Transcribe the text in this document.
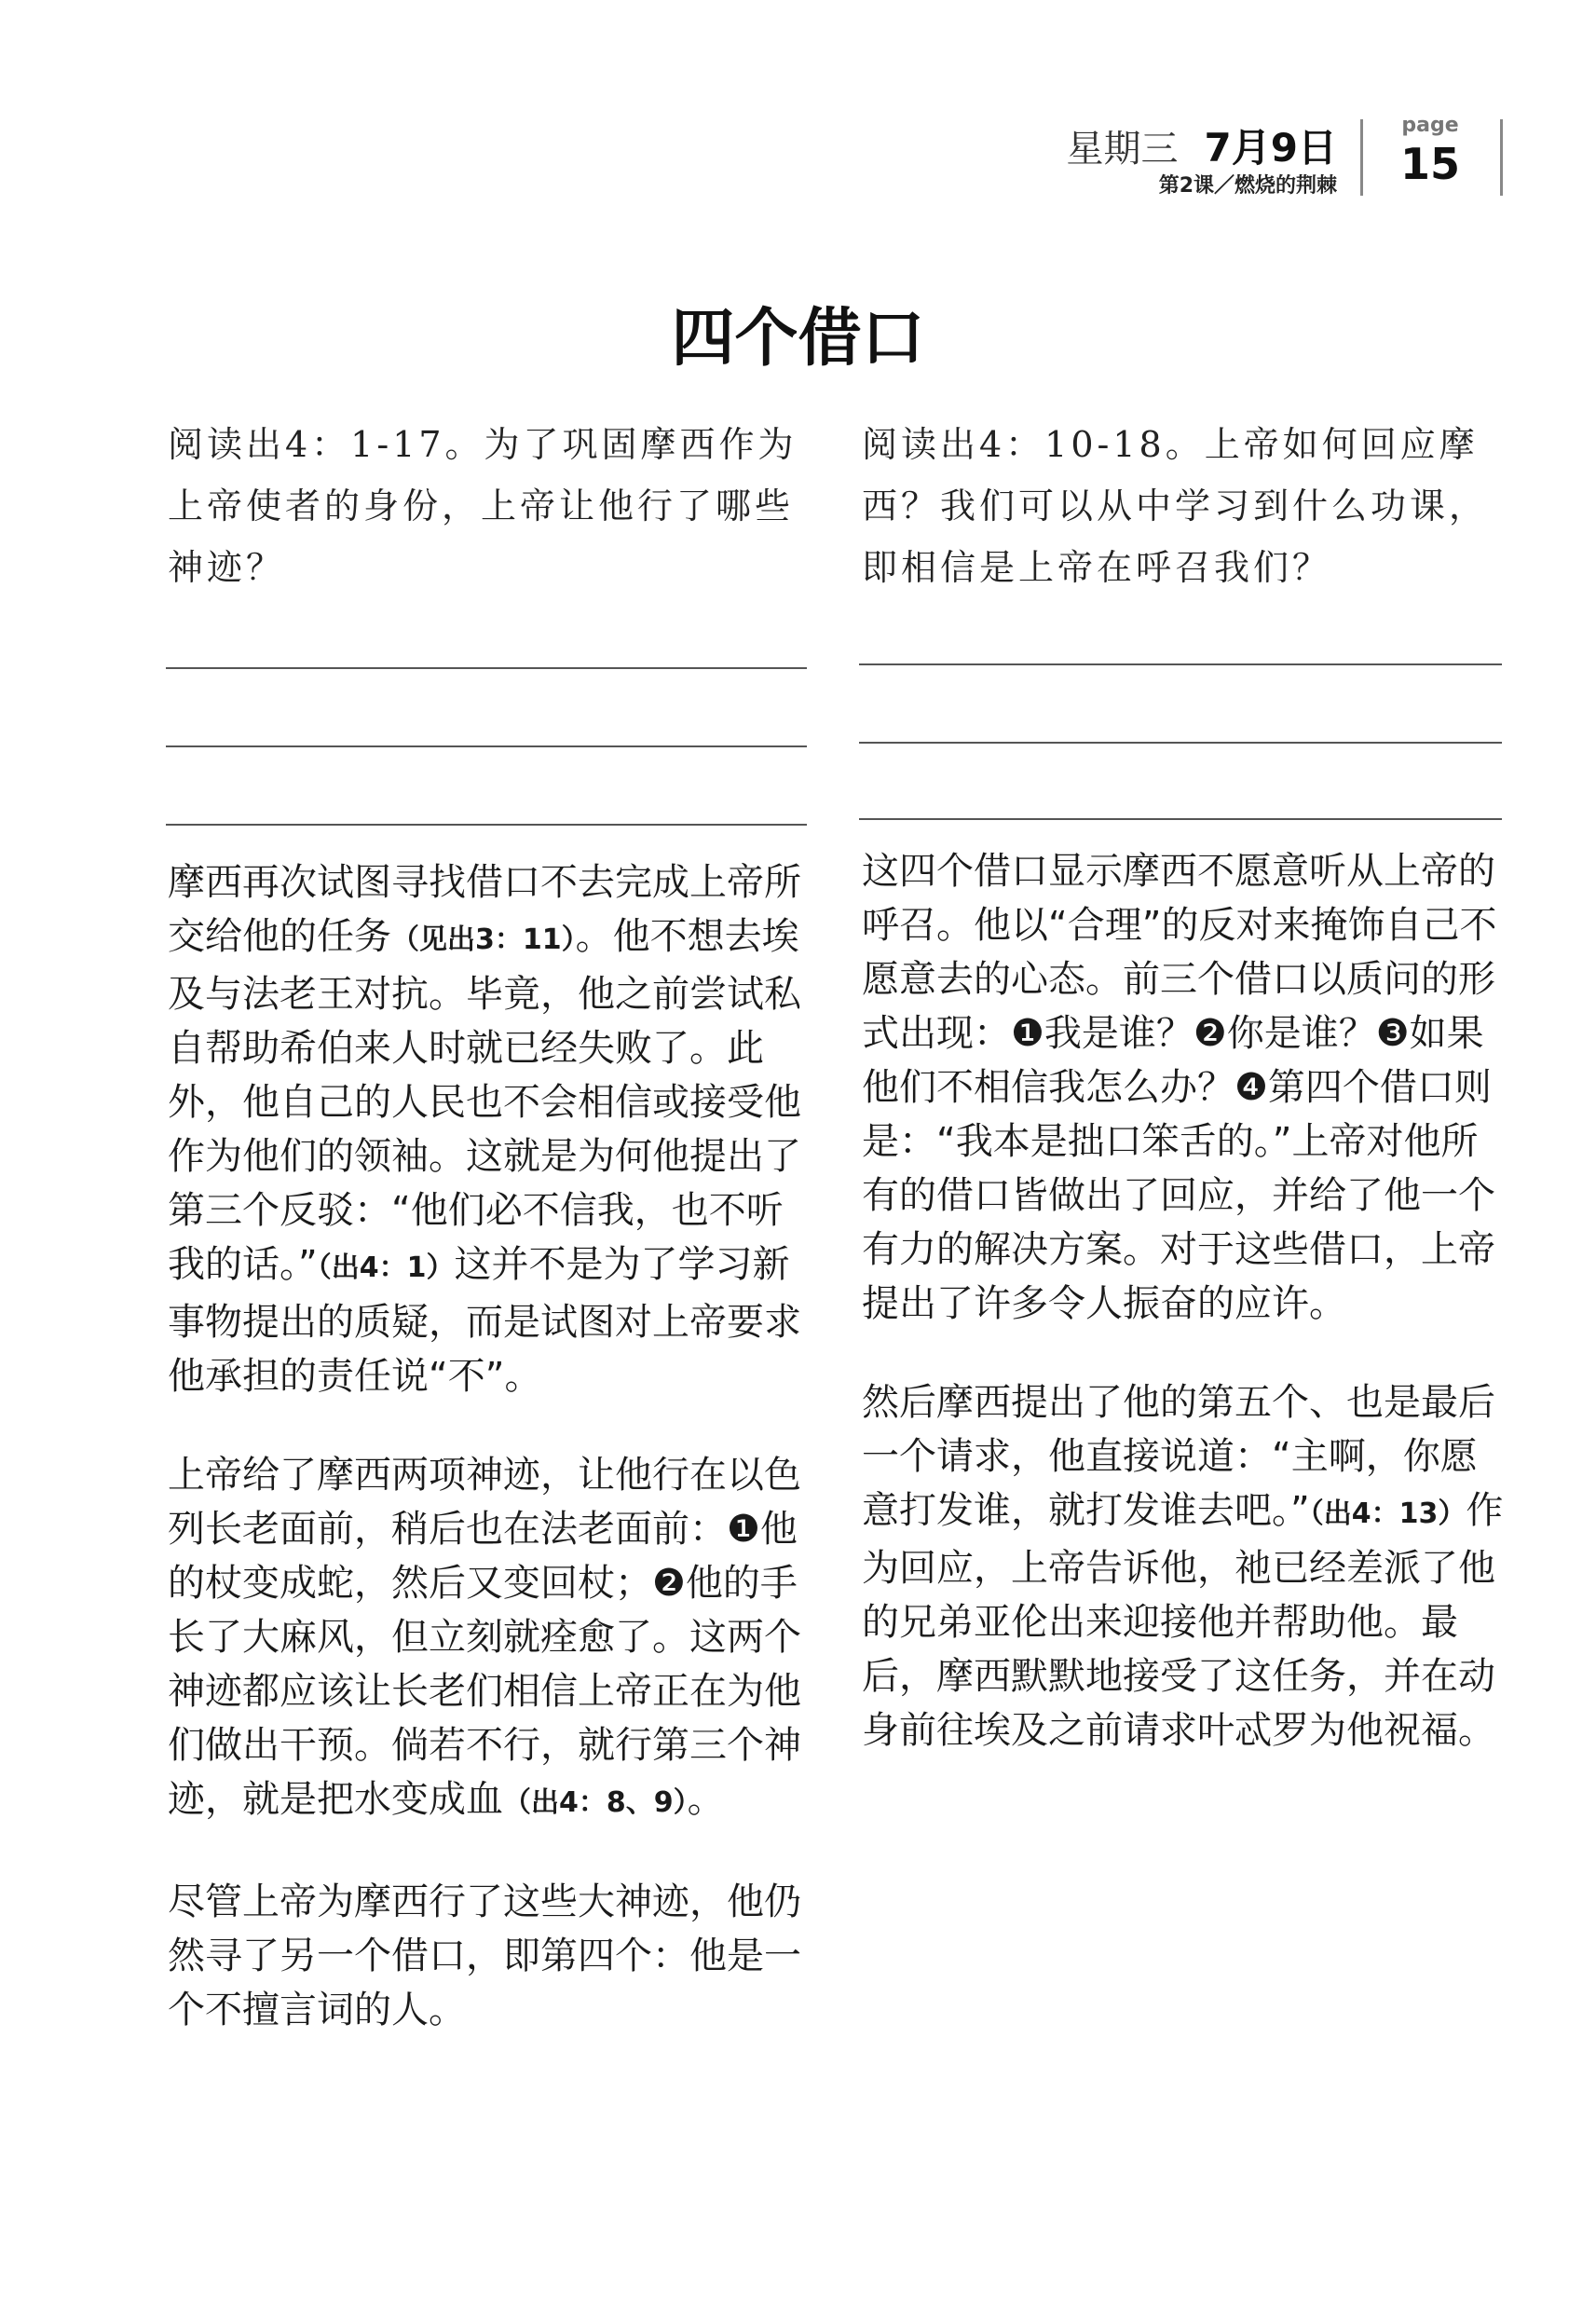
星期三 7月9日
第2课／燃烧的荆棘
page
15
四个借口
阅读出4：1-17。为了巩固摩西作为上帝使者的身份，上帝让他行了哪些神迹？
阅读出4：10-18。上帝如何回应摩西？我们可以从中学习到什么功课，即相信是上帝在呼召我们？

摩西再次试图寻找借口不去完成上帝所交给他的任务（见出3：11）。他不想去埃及与法老王对抗。毕竟，他之前尝试私自帮助希伯来人时就已经失败了。此外，他自己的人民也不会相信或接受他作为他们的领袖。这就是为何他提出了第三个反驳：“他们必不信我，也不听我的话。”（出4：1）这并不是为了学习新事物提出的质疑，而是试图对上帝要求他承担的责任说“不”。

上帝给了摩西两项神迹，让他行在以色列长老面前，稍后也在法老面前：❶他的杖变成蛇，然后又变回杖；❷他的手长了大麻风，但立刻就痊愈了。这两个神迹都应该让长老们相信上帝正在为他们做出干预。倘若不行，就行第三个神迹，就是把水变成血（出4：8、9）。

尽管上帝为摩西行了这些大神迹，他仍然寻了另一个借口，即第四个：他是一个不擅言词的人。

这四个借口显示摩西不愿意听从上帝的呼召。他以“合理”的反对来掩饰自己不愿意去的心态。前三个借口以质问的形式出现：❶我是谁？❷你是谁？❸如果他们不相信我怎么办？❹第四个借口则是：“我本是拙口笨舌的。”上帝对他所有的借口皆做出了回应，并给了他一个有力的解决方案。对于这些借口，上帝提出了许多令人振奋的应许。

然后摩西提出了他的第五个、也是最后一个请求，他直接说道：“主啊，你愿意打发谁，就打发谁去吧。”（出4：13）作为回应，上帝告诉他，祂已经差派了他的兄弟亚伦出来迎接他并帮助他。最后，摩西默默地接受了这任务，并在动身前往埃及之前请求叶忒罗为他祝福。
